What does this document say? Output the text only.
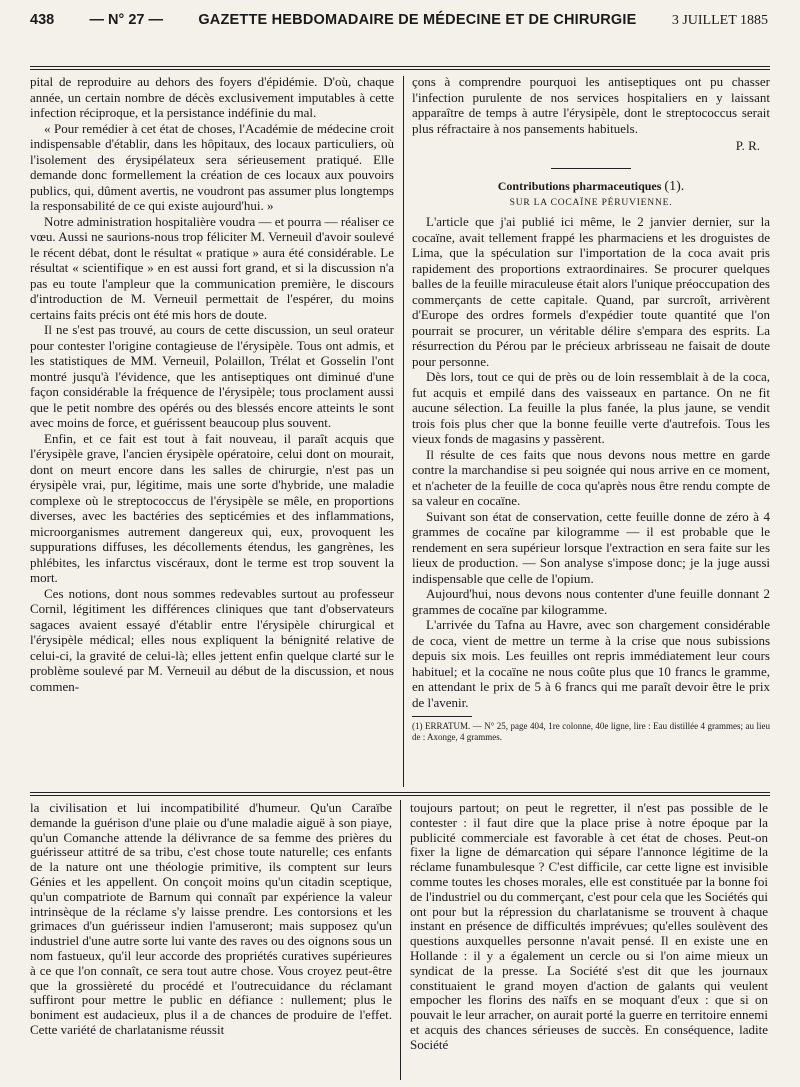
438 — N° 27 — GAZETTE HEBDOMADAIRE DE MÉDECINE ET DE CHIRURGIE	3 JUILLET 1885

pital de reproduire au dehors des foyers d'épidémie. D'où, chaque année, un certain nombre de décès exclusivement imputables à cette infection réciproque, et la persistance indéfinie du mal.

« Pour remédier à cet état de choses, l'Académie de médecine croit indispensable d'établir, dans les hôpitaux, des locaux particuliers, où l'isolement des érysipélateux sera sérieusement pratiqué. Elle demande donc formellement la création de ces locaux aux pouvoirs publics, qui, dûment avertis, ne voudront pas assumer plus longtemps la responsabilité de ce qui existe aujourd'hui. »

Notre administration hospitalière voudra — et pourra — réaliser ce vœu. Aussi ne saurions-nous trop féliciter M. Verneuil d'avoir soulevé le récent débat, dont le résultat « pratique » aura été considérable. Le résultat « scientifique » en est aussi fort grand, et si la discussion n'a pas eu toute l'ampleur que la communication première, le discours d'introduction de M. Verneuil permettait de l'espérer, du moins certains faits précis ont été mis hors de doute.

Il ne s'est pas trouvé, au cours de cette discussion, un seul orateur pour contester l'origine contagieuse de l'érysipèle. Tous ont admis, et les statistiques de MM. Verneuil, Polaillon, Trélat et Gosselin l'ont montré jusqu'à l'évidence, que les antiseptiques ont diminué d'une façon considérable la fréquence de l'érysipèle; tous proclament aussi que le petit nombre des opérés ou des blessés encore atteints le sont avec moins de force, et guérissent beaucoup plus souvent.

Enfin, et ce fait est tout à fait nouveau, il paraît acquis que l'érysipèle grave, l'ancien érysipèle opératoire, celui dont on mourait, dont on meurt encore dans les salles de chirurgie, n'est pas un érysipèle vrai, pur, légitime, mais une sorte d'hybride, une maladie complexe où le streptococcus de l'érysipèle se mêle, en proportions diverses, avec les bactéries des septicémies et des inflammations, microorganismes autrement dangereux qui, eux, provoquent les suppurations diffuses, les décollements étendus, les gangrènes, les phlébites, les infarctus viscéraux, dont le terme est trop souvent la mort.

Ces notions, dont nous sommes redevables surtout au professeur Cornil, légitiment les différences cliniques que tant d'observateurs sagaces avaient essayé d'établir entre l'érysipèle chirurgical et l'érysipèle médical; elles nous expliquent la bénignité relative de celui-ci, la gravité de celui-là; elles jettent enfin quelque clarté sur le problème soulevé par M. Verneuil au début de la discussion, et nous commen-

çons à comprendre pourquoi les antiseptiques ont pu chasser l'infection purulente de nos services hospitaliers en y laissant apparaître de temps à autre l'érysipèle, dont le streptococcus serait plus réfractaire à nos pansements habituels.

P. R.

Contributions pharmaceutiques (1).

SUR LA COCAÏNE PÉRUVIENNE.

L'article que j'ai publié ici même, le 2 janvier dernier, sur la cocaïne, avait tellement frappé les pharmaciens et les droguistes de Lima, que la spéculation sur l'importation de la coca avait pris rapidement des proportions extraordinaires. Se procurer quelques balles de la feuille miraculeuse était alors l'unique préoccupation des commerçants de cette capitale. Quand, par surcroît, arrivèrent d'Europe des ordres formels d'expédier toute quantité que l'on pourrait se procurer, un véritable délire s'empara des esprits. La résurrection du Pérou par le précieux arbrisseau ne faisait de doute pour personne.

Dès lors, tout ce qui de près ou de loin ressemblait à de la coca, fut acquis et empilé dans des vaisseaux en partance. On ne fit aucune sélection. La feuille la plus fanée, la plus jaune, se vendit trois fois plus cher que la bonne feuille verte d'autrefois. Tous les vieux fonds de magasins y passèrent.

Il résulte de ces faits que nous devons nous mettre en garde contre la marchandise si peu soignée qui nous arrive en ce moment, et n'acheter de la feuille de coca qu'après nous être rendu compte de sa valeur en cocaïne.

Suivant son état de conservation, cette feuille donne de zéro à 4 grammes de cocaïne par kilogramme — il est probable que le rendement en sera supérieur lorsque l'extraction en sera faite sur les lieux de production. — Son analyse s'impose donc; je la juge aussi indispensable que celle de l'opium.

Aujourd'hui, nous devons nous contenter d'une feuille donnant 2 grammes de cocaïne par kilogramme.

L'arrivée du Tafna au Havre, avec son chargement considérable de coca, vient de mettre un terme à la crise que nous subissions depuis six mois. Les feuilles ont repris immédiatement leur cours habituel; et la cocaïne ne nous coûte plus que 10 francs le gramme, en attendant le prix de 5 à 6 francs qui me paraît devoir être le prix de l'avenir.

(1) ERRATUM. — N° 25, page 404, 1re colonne, 40e ligne, lire : Eau distillée 4 grammes; au lieu de : Axonge, 4 grammes.

la civilisation et lui incompatibilité d'humeur. Qu'un Caraïbe demande la guérison d'une plaie ou d'une maladie aiguë à son piaye, qu'un Comanche attende la délivrance de sa femme des prières du guérisseur attitré de sa tribu, c'est chose toute naturelle; ces enfants de la nature ont une théologie primitive, ils comptent sur leurs Génies et les appellent. On conçoit moins qu'un citadin sceptique, qu'un compatriote de Barnum qui connaît par expérience la valeur intrinsèque de la réclame s'y laisse prendre. Les contorsions et les grimaces d'un guérisseur indien l'amuseront; mais supposez qu'un industriel d'une autre sorte lui vante des raves ou des oignons sous un nom fastueux, qu'il leur accorde des propriétés curatives supérieures à ce que l'on connaît, ce sera tout autre chose. Vous croyez peut-être que la grossièreté du procédé et l'outrecuidance du réclamant suffiront pour mettre le public en défiance : nullement; plus le boniment est audacieux, plus il a de chances de produire de l'effet. Cette variété de charlatanisme réussit

toujours partout; on peut le regretter, il n'est pas possible de le contester : il faut dire que la place prise à notre époque par la publicité commerciale est favorable à cet état de choses. Peut-on fixer la ligne de démarcation qui sépare l'annonce légitime de la réclame funambulesque ? C'est difficile, car cette ligne est invisible comme toutes les choses morales, elle est constituée par la bonne foi de l'industriel ou du commerçant, c'est pour cela que les Sociétés qui ont pour but la répression du charlatanisme se trouvent à chaque instant en présence de difficultés imprévues; qu'elles soulèvent des questions auxquelles personne n'avait pensé. Il en existe une en Hollande : il y a également un cercle ou si l'on aime mieux un syndicat de la presse. La Société s'est dit que les journaux constituaient le grand moyen d'action de galants qui veulent empocher les florins des naïfs en se moquant d'eux : que si on pouvait le leur arracher, on aurait porté la guerre en territoire ennemi et acquis des chances sérieuses de succès. En conséquence, ladite Société
